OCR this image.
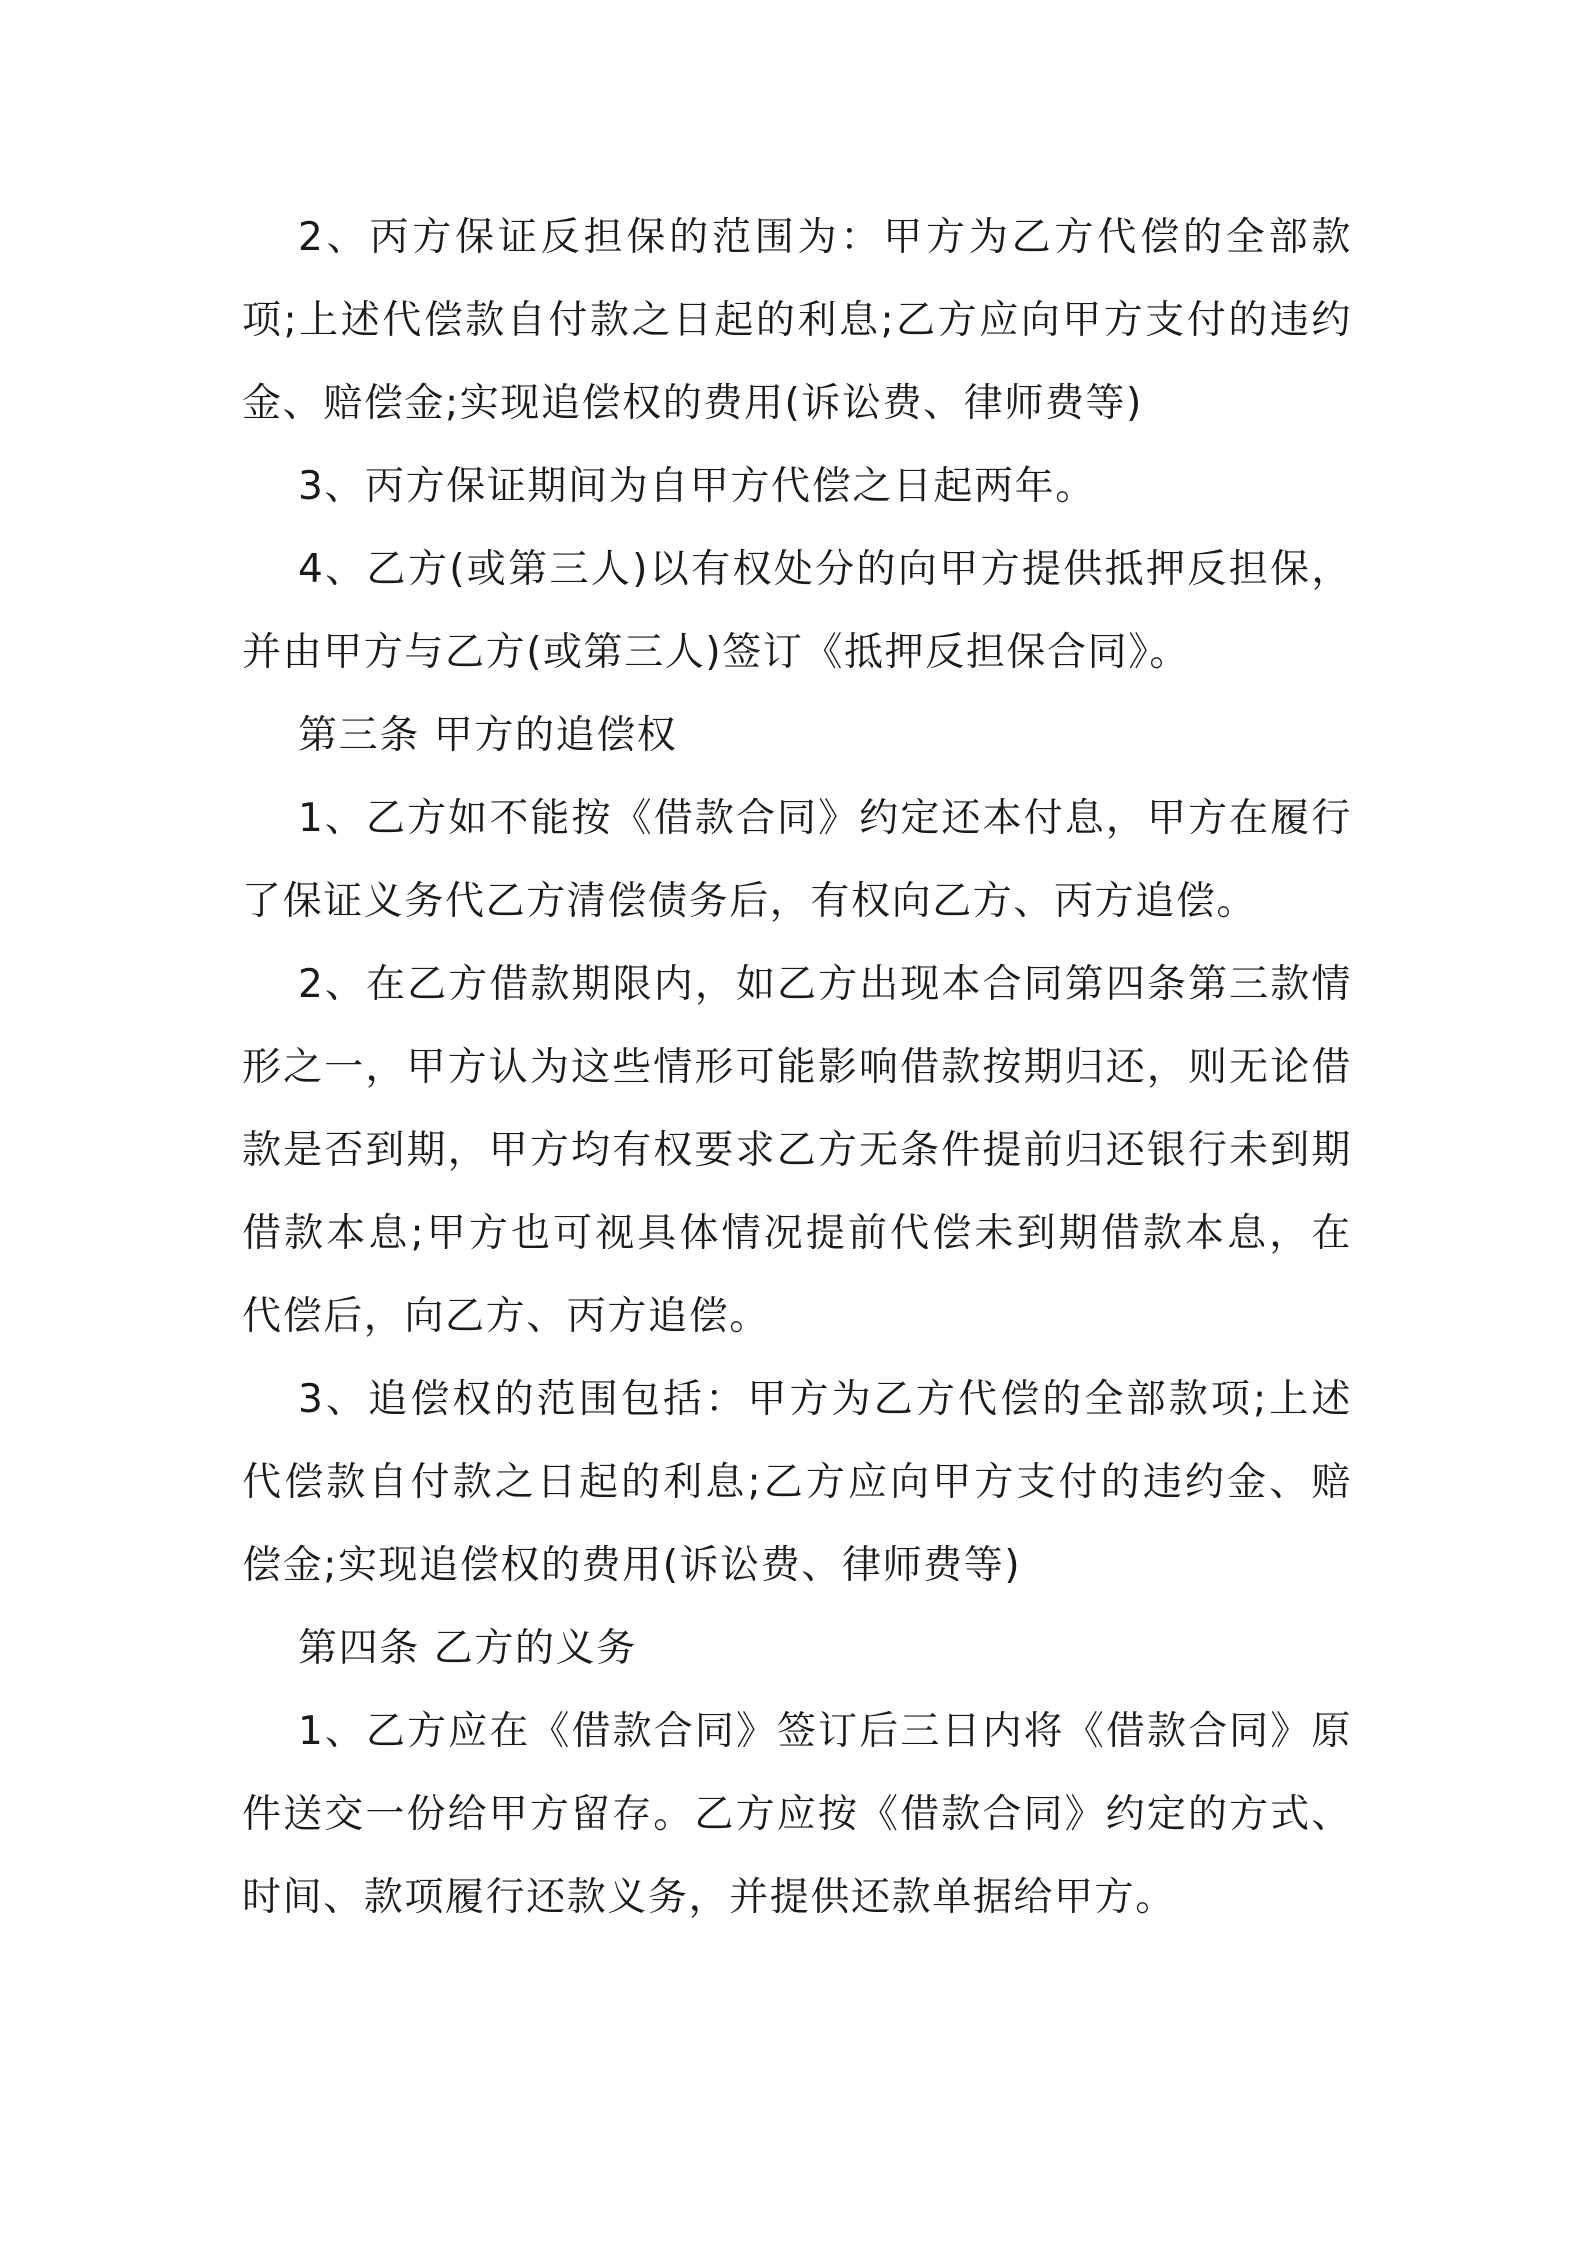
2、丙方保证反担保的范围为：甲方为乙方代偿的全部款项;上述代偿款自付款之日起的利息;乙方应向甲方支付的违约金、赔偿金;实现追偿权的费用(诉讼费、律师费等)

3、丙方保证期间为自甲方代偿之日起两年。

4、乙方(或第三人)以有权处分的向甲方提供抵押反担保，并由甲方与乙方(或第三人)签订《抵押反担保合同》。

第三条 甲方的追偿权

1、乙方如不能按《借款合同》约定还本付息，甲方在履行了保证义务代乙方清偿债务后，有权向乙方、丙方追偿。

2、在乙方借款期限内，如乙方出现本合同第四条第三款情形之一，甲方认为这些情形可能影响借款按期归还，则无论借款是否到期，甲方均有权要求乙方无条件提前归还银行未到期借款本息;甲方也可视具体情况提前代偿未到期借款本息，在代偿后，向乙方、丙方追偿。

3、追偿权的范围包括：甲方为乙方代偿的全部款项;上述代偿款自付款之日起的利息;乙方应向甲方支付的违约金、赔偿金;实现追偿权的费用(诉讼费、律师费等)

第四条 乙方的义务

1、乙方应在《借款合同》签订后三日内将《借款合同》原件送交一份给甲方留存。乙方应按《借款合同》约定的方式、时间、款项履行还款义务，并提供还款单据给甲方。
